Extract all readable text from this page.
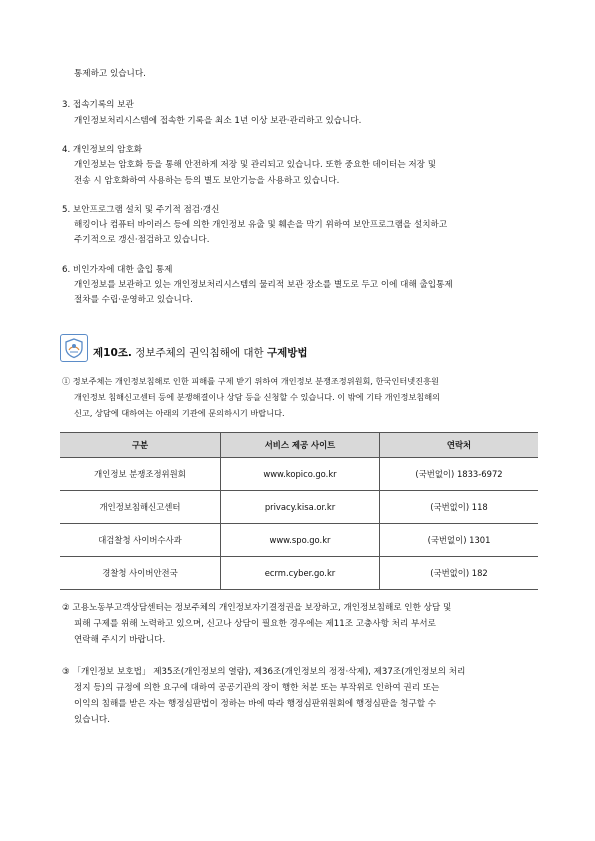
통제하고 있습니다.
3. 접속기록의 보관
개인정보처리시스템에 접속한 기록을 최소 1년 이상 보관·관리하고 있습니다.
4. 개인정보의 암호화
개인정보는 암호화 등을 통해 안전하게 저장 및 관리되고 있습니다. 또한 중요한 데이터는 저장 및
전송 시 암호화하여 사용하는 등의 별도 보안기능을 사용하고 있습니다.
5. 보안프로그램 설치 및 주기적 점검·갱신
해킹이나 컴퓨터 바이러스 등에 의한 개인정보 유출 및 훼손을 막기 위하여 보안프로그램을 설치하고
주기적으로 갱신·점검하고 있습니다.
6. 비인가자에 대한 출입 통제
개인정보를 보관하고 있는 개인정보처리시스템의 물리적 보관 장소를 별도로 두고 이에 대해 출입통제
절차를 수립·운영하고 있습니다.
제10조. 정보주체의 권익침해에 대한 구제방법
① 정보주체는 개인정보침해로 인한 피해를 구제 받기 위하여 개인정보 분쟁조정위원회, 한국인터넷진흥원
개인정보 침해신고센터 등에 분쟁해결이나 상담 등을 신청할 수 있습니다. 이 밖에 기타 개인정보침해의
신고, 상담에 대하여는 아래의 기관에 문의하시기 바랍니다.
구분	서비스 제공 사이트	연락처
개인정보 분쟁조정위원회	www.kopico.go.kr	(국번없이) 1833-6972
개인정보침해신고센터	privacy.kisa.or.kr	(국번없이) 118
대검찰청 사이버수사과	www.spo.go.kr	(국번없이) 1301
경찰청 사이버안전국	ecrm.cyber.go.kr	(국번없이) 182
② 고용노동부고객상담센터는 정보주체의 개인정보자기결정권을 보장하고, 개인정보침해로 인한 상담 및
피해 구제를 위해 노력하고 있으며, 신고나 상담이 필요한 경우에는 제11조 고충사항 처리 부서로
연락해 주시기 바랍니다.
③ 「개인정보 보호법」 제35조(개인정보의 열람), 제36조(개인정보의 정정·삭제), 제37조(개인정보의 처리
정지 등)의 규정에 의한 요구에 대하여 공공기관의 장이 행한 처분 또는 부작위로 인하여 권리 또는
이익의 침해를 받은 자는 행정심판법이 정하는 바에 따라 행정심판위원회에 행정심판을 청구할 수
있습니다.
